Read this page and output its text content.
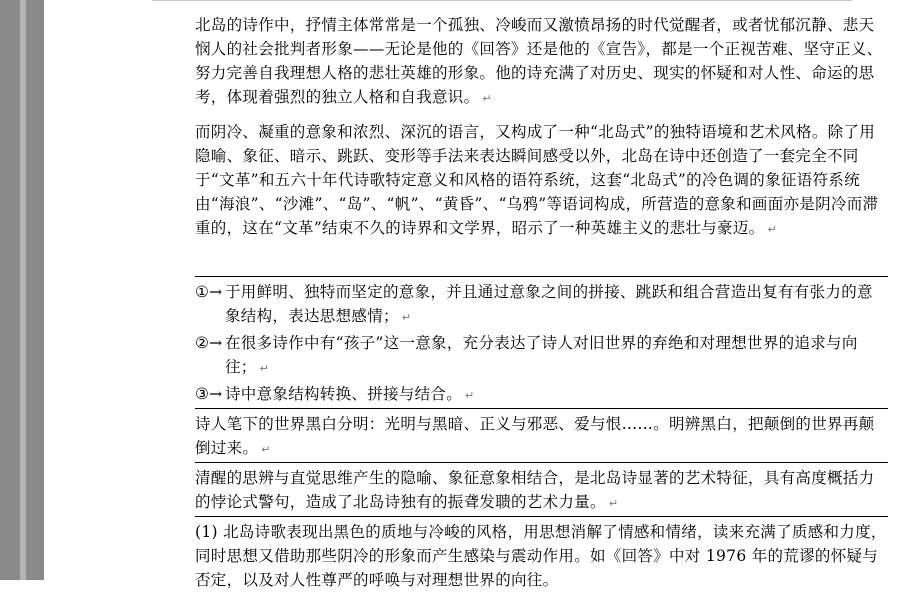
北岛的诗作中，抒情主体常常是一个孤独、冷峻而又激愤昂扬的时代觉醒者，或者忧郁沉静、悲天悯人的社会批判者形象——无论是他的《回答》还是他的《宣告》，都是一个正视苦难、坚守正义、努力完善自我理想人格的悲壮英雄的形象。他的诗充满了对历史、现实的怀疑和对人性、命运的思考，体现着强烈的独立人格和自我意识。 ↵
而阴冷、凝重的意象和浓烈、深沉的语言，又构成了一种“北岛式”的独特语境和艺术风格。除了用隐喻、象征、暗示、跳跃、变形等手法来表达瞬间感受以外，北岛在诗中还创造了一套完全不同于“文革”和五六十年代诗歌特定意义和风格的语符系统，这套“北岛式”的冷色调的象征语符系统由“海浪”、“沙滩”、“岛”、“帆”、“黄昏”、“乌鸦”等语词构成，所营造的意象和画面亦是阴冷而滞重的，这在“文革”结束不久的诗界和文学界，昭示了一种英雄主义的悲壮与豪迈。 ↵
①→ 于用鲜明、独特而坚定的意象，并且通过意象之间的拼接、跳跃和组合营造出复有有张力的意象结构，表达思想感情； ↵
②→ 在很多诗作中有“孩子”这一意象，充分表达了诗人对旧世界的弃绝和对理想世界的追求与向往； ↵
③→ 诗中意象结构转换、拼接与结合。 ↵
诗人笔下的世界黑白分明：光明与黑暗、正义与邪恶、爱与恨……。明辨黑白，把颠倒的世界再颠倒过来。 ↵
清醒的思辨与直觉思维产生的隐喻、象征意象相结合，是北岛诗显著的艺术特征，具有高度概括力的悖论式警句，造成了北岛诗独有的振聋发聩的艺术力量。 ↵
(1) 北岛诗歌表现出黑色的质地与冷峻的风格，用思想消解了情感和情绪，读来充满了质感和力度，同时思想又借助那些阴冷的形象而产生感染与震动作用。如《回答》中对 1976 年的荒谬的怀疑与否定，以及对人性尊严的呼唤与对理想世界的向往。
